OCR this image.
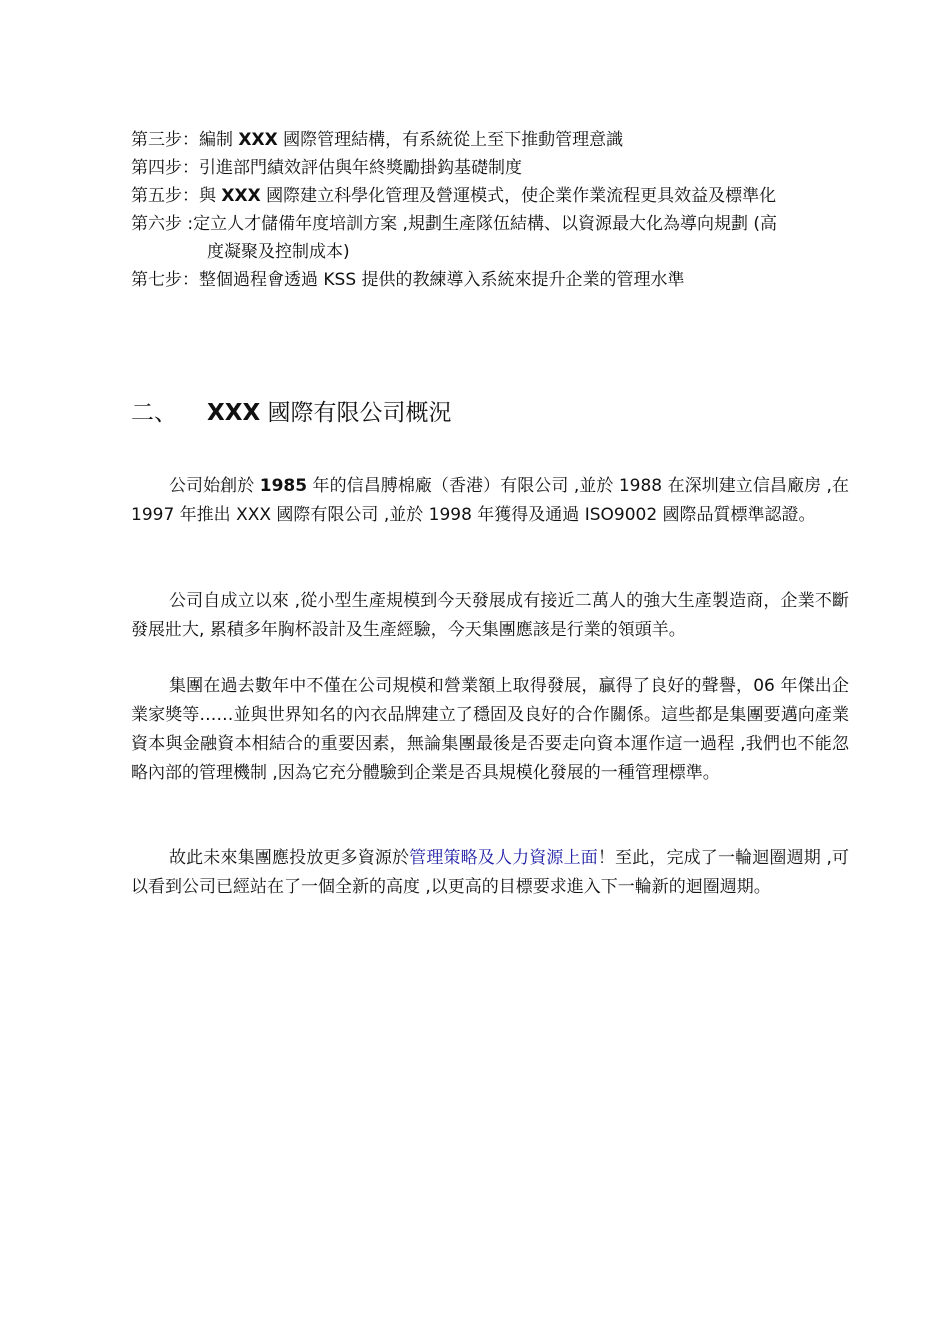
第三步： 編制 XXX 國際管理結構，有系統從上至下推動管理意識
第四步： 引進部門績效評估與年終獎勵掛鈎基礎制度
第五步： 與 XXX 國際建立科學化管理及營運模式，使企業作業流程更具效益及標準化
第六步 : 定立人才儲備年度培訓方案 ,規劃生產隊伍結構、以資源最大化為導向規劃 (高
度凝聚及控制成本)
第七步： 整個過程會透過 KSS 提供的教練導入系統來提升企業的管理水準
二、 XXX 國際有限公司概況
公司始創於 1985 年的信昌膊棉廠（香港）有限公司 ,並於 1988 在深圳建立信昌廠房 ,在 1997 年推出 XXX 國際有限公司 ,並於 1998 年獲得及通過 ISO9002 國際品質標準認證。
公司自成立以來 ,從小型生產規模到今天發展成有接近二萬人的強大生產製造商，企業不斷發展壯大, 累積多年胸杯設計及生產經驗，今天集團應該是行業的領頭羊。
集團在過去數年中不僅在公司規模和營業額上取得發展，贏得了良好的聲譽，06 年傑出企業家獎等……並與世界知名的內衣品牌建立了穩固及良好的合作關係。這些都是集團要邁向產業資本與金融資本相結合的重要因素，無論集團最後是否要走向資本運作這一過程 ,我們也不能忽略內部的管理機制 ,因為它充分體驗到企業是否具規模化發展的一種管理標準。
故此未來集團應投放更多資源於管理策略及人力資源上面！至此，完成了一輪迴圈週期 ,可以看到公司已經站在了一個全新的高度 ,以更高的目標要求進入下一輪新的迴圈週期。
